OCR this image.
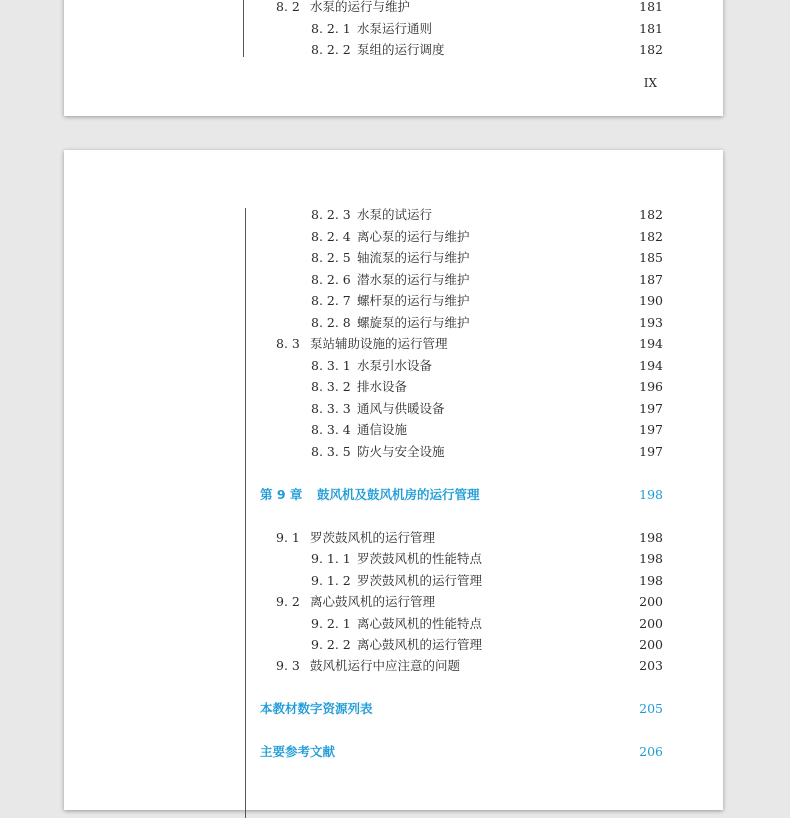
8. 2 水泵的运行与维护	181
8. 2. 1 水泵运行通则	181
8. 2. 2 泵组的运行调度	182
IX
8. 2. 3 水泵的试运行	182
8. 2. 4 离心泵的运行与维护	182
8. 2. 5 轴流泵的运行与维护	185
8. 2. 6 潜水泵的运行与维护	187
8. 2. 7 螺杆泵的运行与维护	190
8. 2. 8 螺旋泵的运行与维护	193
8. 3 泵站辅助设施的运行管理	194
8. 3. 1 水泵引水设备	194
8. 3. 2 排水设备	196
8. 3. 3 通风与供暖设备	197
8. 3. 4 通信设施	197
8. 3. 5 防火与安全设施	197
第 9 章	鼓风机及鼓风机房的运行管理	198
9. 1 罗茨鼓风机的运行管理	198
9. 1. 1 罗茨鼓风机的性能特点	198
9. 1. 2 罗茨鼓风机的运行管理	198
9. 2 离心鼓风机的运行管理	200
9. 2. 1 离心鼓风机的性能特点	200
9. 2. 2 离心鼓风机的运行管理	200
9. 3 鼓风机运行中应注意的问题	203
本教材数字资源列表	205
主要参考文献	206
